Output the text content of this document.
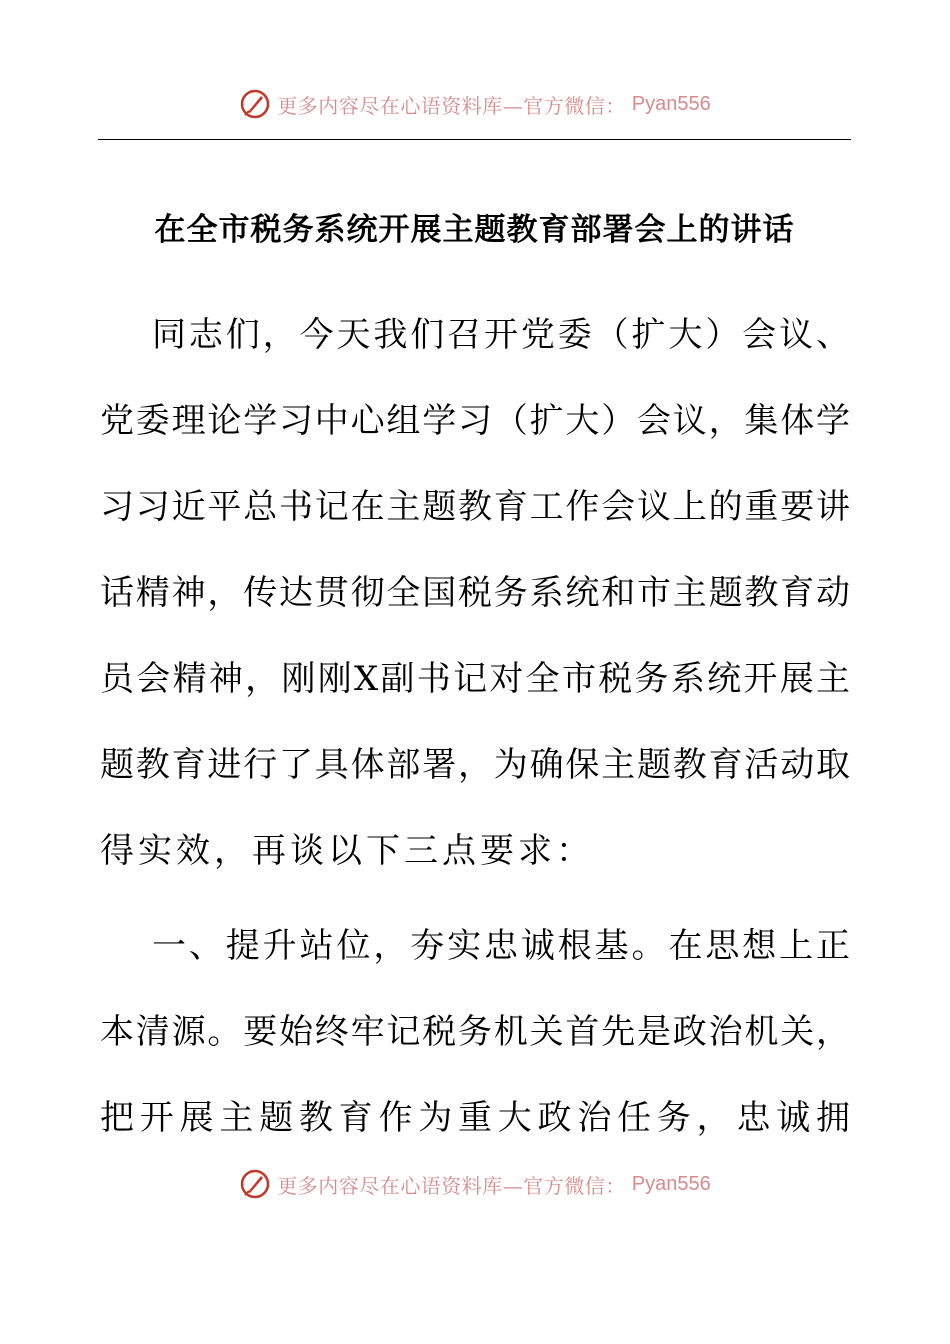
更多内容尽在心语资料库—官方微信： Pyan556
在全市税务系统开展主题教育部署会上的讲话
同志们，今天我们召开党委（扩大）会议、
党委理论学习中心组学习（扩大）会议，集体学
习习近平总书记在主题教育工作会议上的重要讲
话精神，传达贯彻全国税务系统和市主题教育动
员会精神，刚刚X副书记对全市税务系统开展主
题教育进行了具体部署，为确保主题教育活动取
得实效，再谈以下三点要求：
一、提升站位，夯实忠诚根基。在思想上正
本清源。要始终牢记税务机关首先是政治机关，
把开展主题教育作为重大政治任务，忠诚拥
更多内容尽在心语资料库—官方微信： Pyan556
